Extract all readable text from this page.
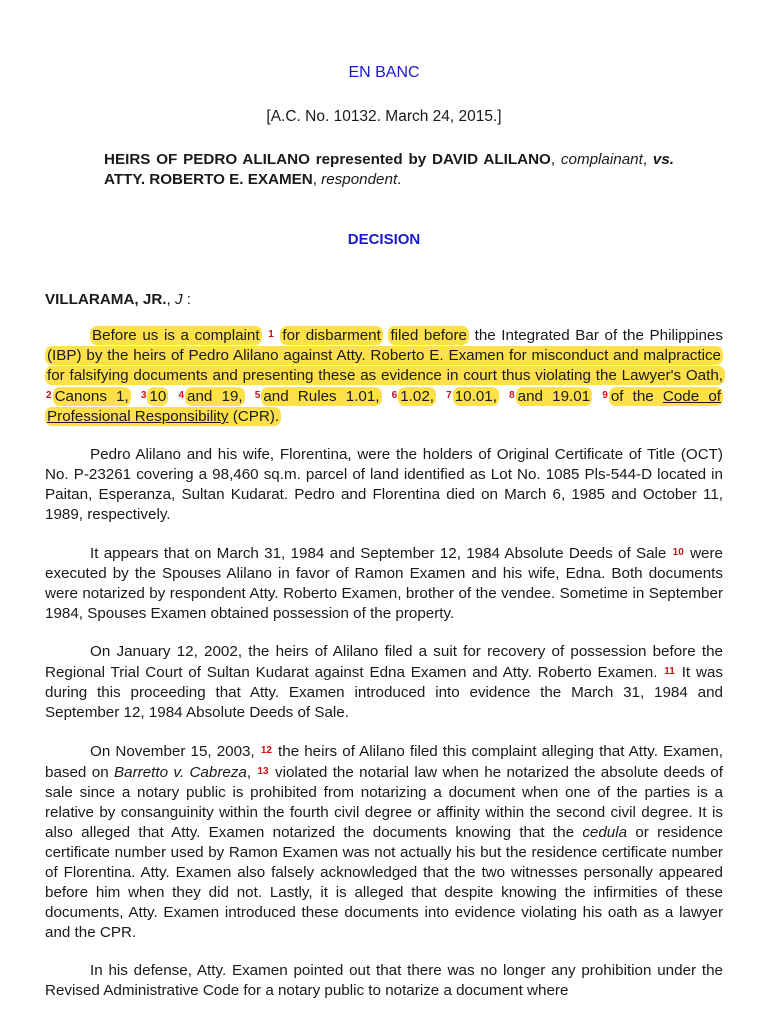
EN BANC
[A.C. No. 10132. March 24, 2015.]
HEIRS OF PEDRO ALILANO represented by DAVID ALILANO, complainant, vs. ATTY. ROBERTO E. EXAMEN, respondent.
DECISION
VILLARAMA, JR., J :

Before us is a complaint 1 for disbarment filed before the Integrated Bar of the Philippines (IBP) by the heirs of Pedro Alilano against Atty. Roberto E. Examen for misconduct and malpractice for falsifying documents and presenting these as evidence in court thus violating the Lawyer's Oath, 2 Canons 1, 3 10 4 and 19, 5 and Rules 1.01, 6 1.02, 7 10.01, 8 and 19.01 9 of the Code of Professional Responsibility (CPR).

Pedro Alilano and his wife, Florentina, were the holders of Original Certificate of Title (OCT) No. P-23261 covering a 98,460 sq.m. parcel of land identified as Lot No. 1085 Pls-544-D located in Paitan, Esperanza, Sultan Kudarat. Pedro and Florentina died on March 6, 1985 and October 11, 1989, respectively.

It appears that on March 31, 1984 and September 12, 1984 Absolute Deeds of Sale 10 were executed by the Spouses Alilano in favor of Ramon Examen and his wife, Edna. Both documents were notarized by respondent Atty. Roberto Examen, brother of the vendee. Sometime in September 1984, Spouses Examen obtained possession of the property.

On January 12, 2002, the heirs of Alilano filed a suit for recovery of possession before the Regional Trial Court of Sultan Kudarat against Edna Examen and Atty. Roberto Examen. 11 It was during this proceeding that Atty. Examen introduced into evidence the March 31, 1984 and September 12, 1984 Absolute Deeds of Sale.

On November 15, 2003, 12 the heirs of Alilano filed this complaint alleging that Atty. Examen, based on Barretto v. Cabreza, 13 violated the notarial law when he notarized the absolute deeds of sale since a notary public is prohibited from notarizing a document when one of the parties is a relative by consanguinity within the fourth civil degree or affinity within the second civil degree. It is also alleged that Atty. Examen notarized the documents knowing that the cedula or residence certificate number used by Ramon Examen was not actually his but the residence certificate number of Florentina. Atty. Examen also falsely acknowledged that the two witnesses personally appeared before him when they did not. Lastly, it is alleged that despite knowing the infirmities of these documents, Atty. Examen introduced these documents into evidence violating his oath as a lawyer and the CPR.

In his defense, Atty. Examen pointed out that there was no longer any prohibition under the Revised Administrative Code for a notary public to notarize a document where
